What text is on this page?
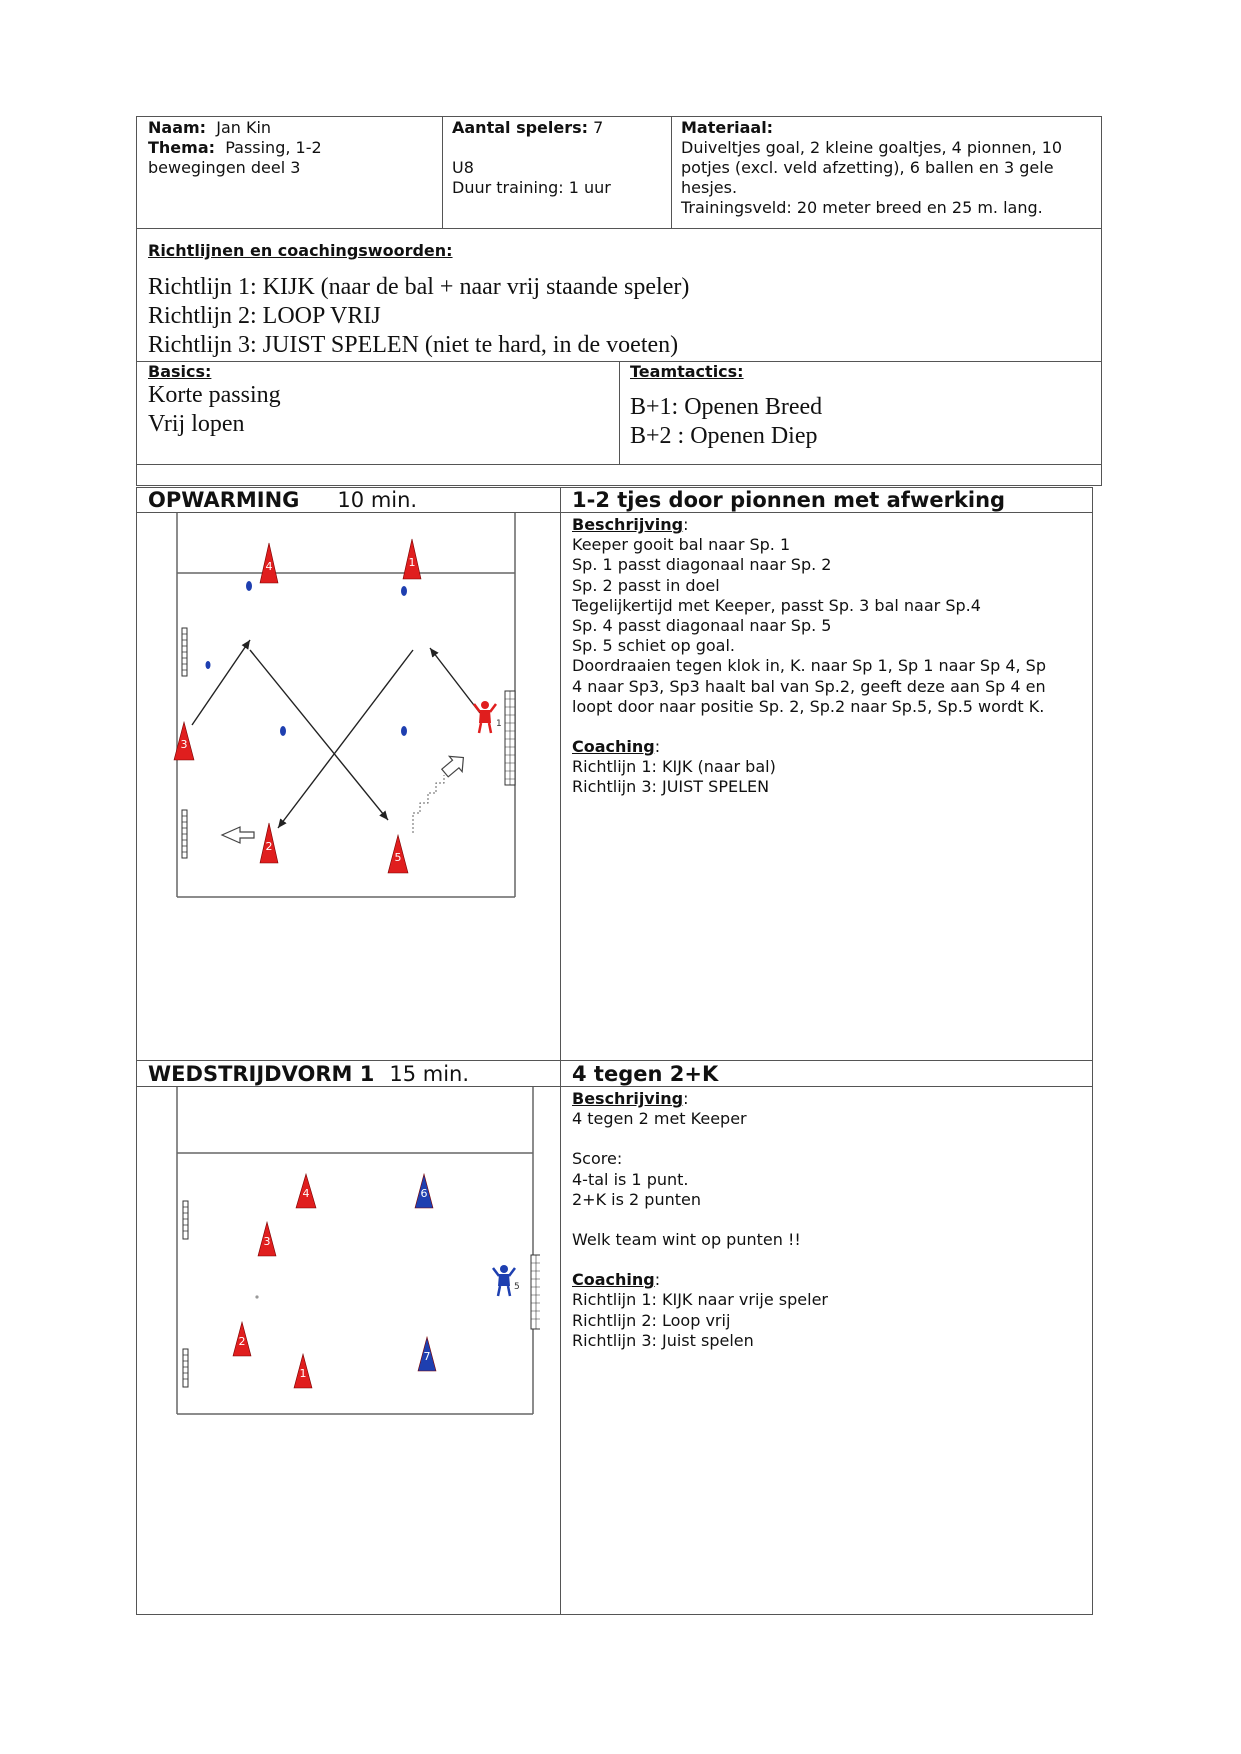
Naam: Jan Kin
Thema: Passing, 1-2
bewegingen deel 3
Aantal spelers: 7
U8
Duur training: 1 uur
Materiaal:
Duiveltjes goal, 2 kleine goaltjes, 4 pionnen, 10
potjes (excl. veld afzetting), 6 ballen en 3 gele
hesjes.
Trainingsveld: 20 meter breed en 25 m. lang.
Richtlijnen en coachingswoorden:
Richtlijn 1: KIJK (naar de bal + naar vrij staande speler)
Richtlijn 2: LOOP VRIJ
Richtlijn 3: JUIST SPELEN (niet te hard, in de voeten)
Basics:
Korte passing
Vrij lopen
Teamtactics:
B+1: Openen Breed
B+2 : Openen Diep
OPWARMING 10 min.	1-2 tjes door pionnen met afwerking
Beschrijving:
Keeper gooit bal naar Sp. 1
Sp. 1 passt diagonaal naar Sp. 2
Sp. 2 passt in doel
Tegelijkertijd met Keeper, passt Sp. 3 bal naar Sp.4
Sp. 4 passt diagonaal naar Sp. 5
Sp. 5 schiet op goal.
Doordraaien tegen klok in, K. naar Sp 1, Sp 1 naar Sp 4, Sp
4 naar Sp3, Sp3 haalt bal van Sp.2, geeft deze aan Sp 4 en
loopt door naar positie Sp. 2, Sp.2 naar Sp.5, Sp.5 wordt K.
Coaching:
Richtlijn 1: KIJK (naar bal)
Richtlijn 3: JUIST SPELEN
1
4	1
3
2
5
WEDSTRIJDVORM 1 15 min.	4 tegen 2+K
Beschrijving:
4 tegen 2 met Keeper
Score:
4-tal is 1 punt.
2+K is 2 punten
Welk team wint op punten !!
Coaching:
Richtlijn 1: KIJK naar vrije speler
Richtlijn 2: Loop vrij
Richtlijn 3: Juist spelen
5
4	6
3
2
7
1
